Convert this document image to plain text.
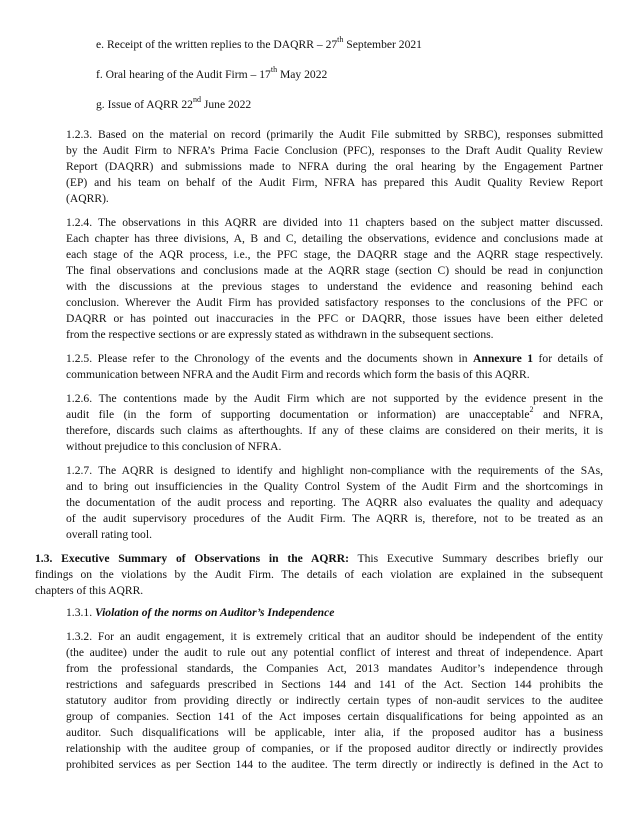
e. Receipt of the written replies to the DAQRR – 27th September 2021
f. Oral hearing of the Audit Firm – 17th May 2022
g. Issue of AQRR 22nd June 2022
1.2.3. Based on the material on record (primarily the Audit File submitted by SRBC), responses submitted
by the Audit Firm to NFRA’s Prima Facie Conclusion (PFC), responses to the Draft Audit Quality Review
Report (DAQRR) and submissions made to NFRA during the oral hearing by the Engagement Partner
(EP) and his team on behalf of the Audit Firm, NFRA has prepared this Audit Quality Review Report
(AQRR).
1.2.4. The observations in this AQRR are divided into 11 chapters based on the subject matter discussed.
Each chapter has three divisions, A, B and C, detailing the observations, evidence and conclusions made at
each stage of the AQR process, i.e., the PFC stage, the DAQRR stage and the AQRR stage respectively.
The final observations and conclusions made at the AQRR stage (section C) should be read in conjunction
with the discussions at the previous stages to understand the evidence and reasoning behind each
conclusion. Wherever the Audit Firm has provided satisfactory responses to the conclusions of the PFC or
DAQRR or has pointed out inaccuracies in the PFC or DAQRR, those issues have been either deleted
from the respective sections or are expressly stated as withdrawn in the subsequent sections.
1.2.5. Please refer to the Chronology of the events and the documents shown in Annexure 1 for details of
communication between NFRA and the Audit Firm and records which form the basis of this AQRR.
1.2.6. The contentions made by the Audit Firm which are not supported by the evidence present in the
audit file (in the form of supporting documentation or information) are unacceptable$^2$ and NFRA,
therefore, discards such claims as afterthoughts. If any of these claims are considered on their merits, it is
without prejudice to this conclusion of NFRA.
1.2.7. The AQRR is designed to identify and highlight non-compliance with the requirements of the SAs,
and to bring out insufficiencies in the Quality Control System of the Audit Firm and the shortcomings in
the documentation of the audit process and reporting. The AQRR also evaluates the quality and adequacy
of the audit supervisory procedures of the Audit Firm. The AQRR is, therefore, not to be treated as an
overall rating tool.
1.3. Executive Summary of Observations in the AQRR: This Executive Summary describes briefly our
findings on the violations by the Audit Firm. The details of each violation are explained in the subsequent
chapters of this AQRR.
1.3.1. Violation of the norms on Auditor’s Independence
1.3.2. For an audit engagement, it is extremely critical that an auditor should be independent of the entity
(the auditee) under the audit to rule out any potential conflict of interest and threat of independence. Apart
from the professional standards, the Companies Act, 2013 mandates Auditor’s independence through
restrictions and safeguards prescribed in Sections 144 and 141 of the Act. Section 144 prohibits the
statutory auditor from providing directly or indirectly certain types of non-audit services to the auditee
group of companies. Section 141 of the Act imposes certain disqualifications for being appointed as an
auditor. Such disqualifications will be applicable, inter alia, if the proposed auditor has a business
relationship with the auditee group of companies, or if the proposed auditor directly or indirectly provides
prohibited services as per Section 144 to the auditee. The term directly or indirectly is defined in the Act to
